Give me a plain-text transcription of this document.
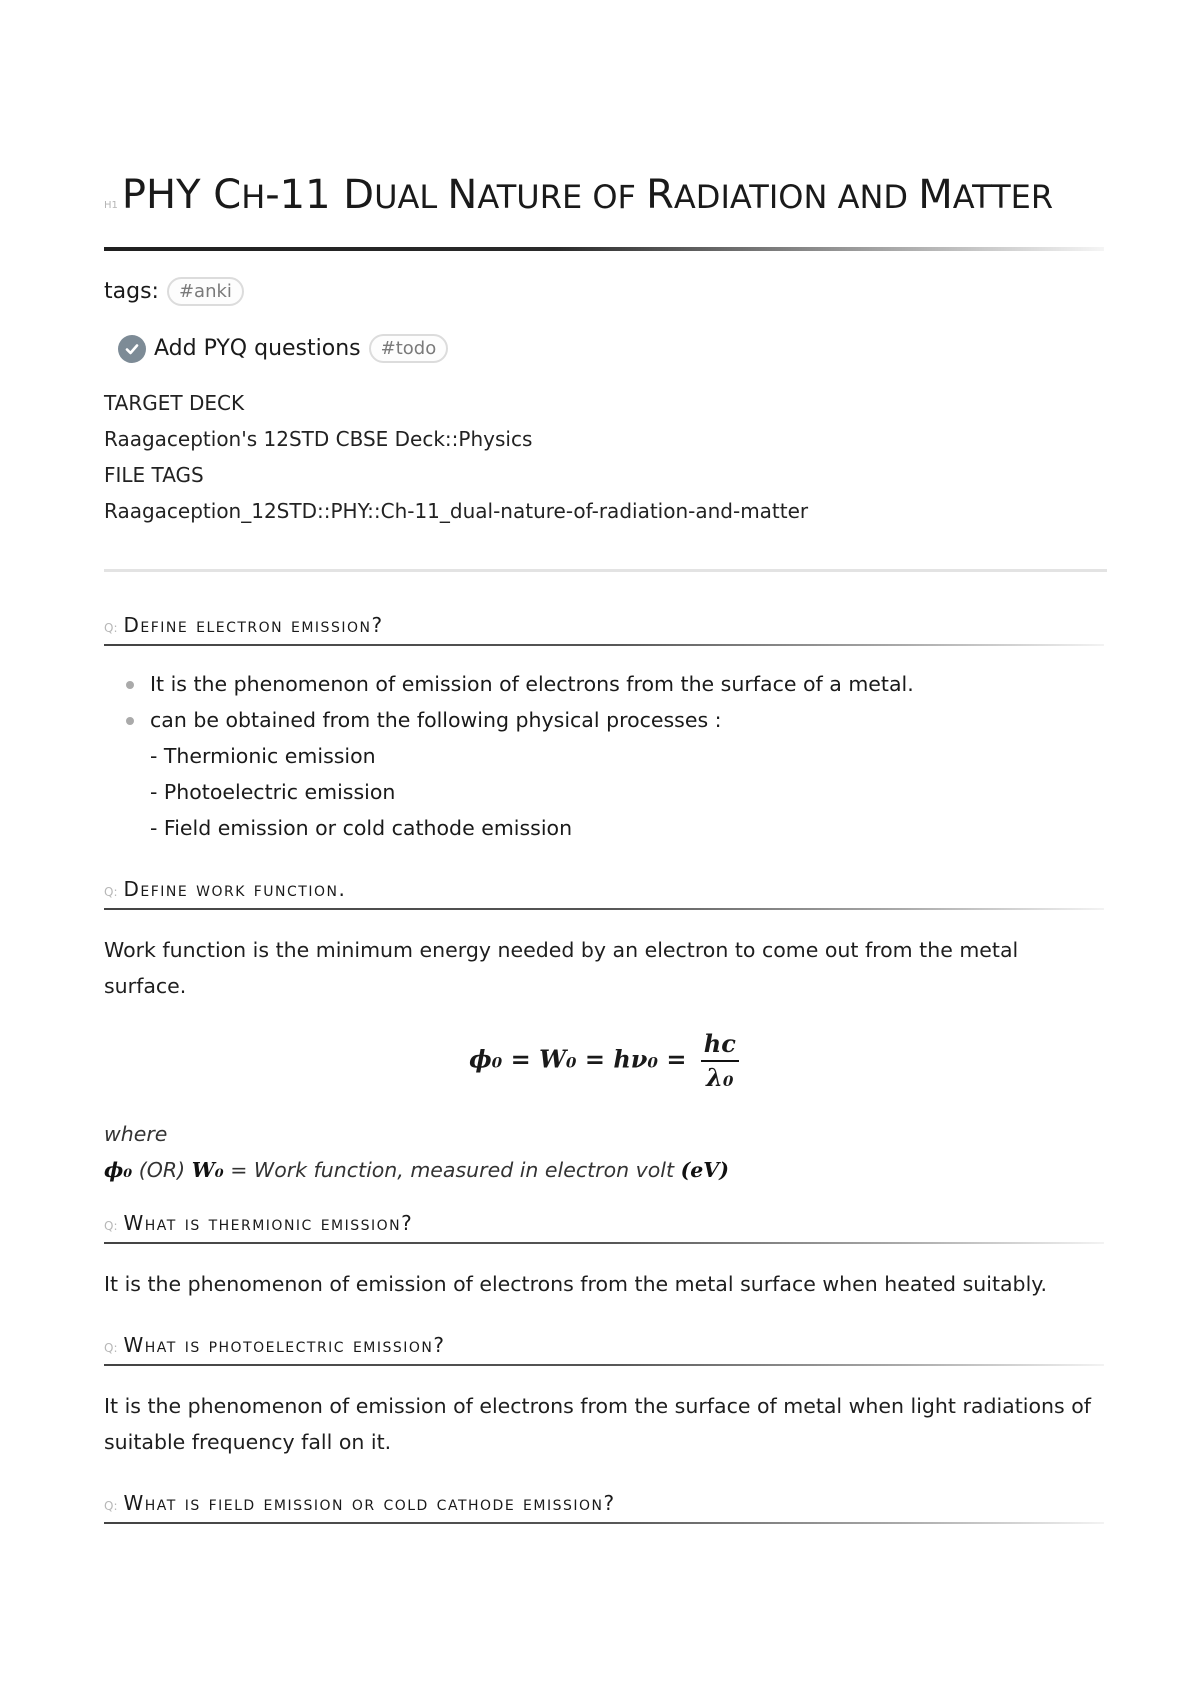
H1 PHY CH-11 DUAL NATURE OF RADIATION AND MATTER
tags:	#anki
Add PYQ questions	#todo
TARGET DECK
Raagaception's 12STD CBSE Deck::Physics
FILE TAGS
Raagaception_12STD::PHY::Ch-11_dual-nature-of-radiation-and-matter
Q: Define electron emission?
It is the phenomenon of emission of electrons from the surface of a metal.
can be obtained from the following physical processes :
- Thermionic emission
- Photoelectric emission
- Field emission or cold cathode emission
Q: Define work function.
Work function is the minimum energy needed by an electron to come out from the metal surface.
$\phi_0 = W_0 = h\nu_0 = \frac{hc}{\text{λ₀}}$
where
ϕ₀ (OR) W₀ = Work function, measured in electron volt (eV)
Q: What is thermionic emission?
It is the phenomenon of emission of electrons from the metal surface when heated suitably.
Q: What is photoelectric emission?
It is the phenomenon of emission of electrons from the surface of metal when light radiations of suitable frequency fall on it.
Q: What is field emission or cold cathode emission?
